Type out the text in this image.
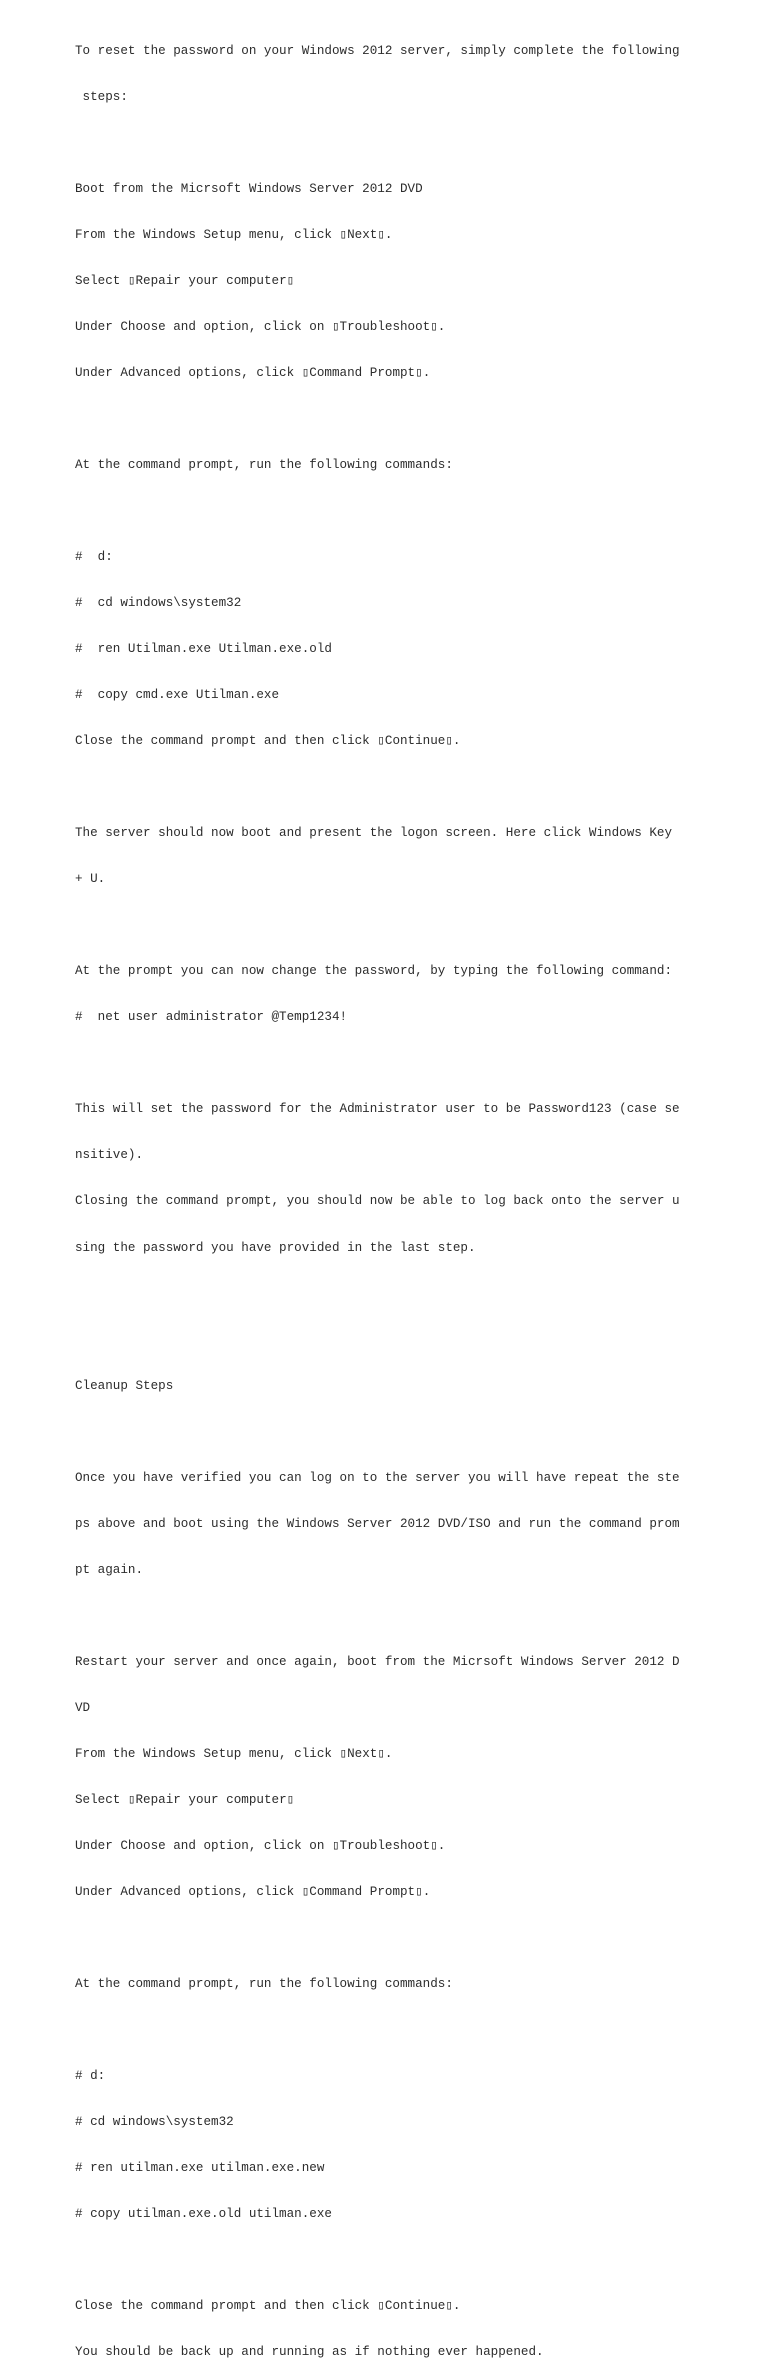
To reset the password on your Windows 2012 server, simply complete the following

steps:

Boot from the Micrsoft Windows Server 2012 DVD

From the Windows Setup menu, click ▯Next▯.

Select ▯Repair your computer▯

Under Choose and option, click on ▯Troubleshoot▯.

Under Advanced options, click ▯Command Prompt▯.

At the command prompt, run the following commands:

#  d:

#  cd windows\system32

#  ren Utilman.exe Utilman.exe.old

#  copy cmd.exe Utilman.exe

Close the command prompt and then click ▯Continue▯.

The server should now boot and present the logon screen. Here click Windows Key

+ U.

At the prompt you can now change the password, by typing the following command:

#  net user administrator @Temp1234!

This will set the password for the Administrator user to be Password123 (case se

nsitive).

Closing the command prompt, you should now be able to log back onto the server u

sing the password you have provided in the last step.

Cleanup Steps

Once you have verified you can log on to the server you will have repeat the ste

ps above and boot using the Windows Server 2012 DVD/ISO and run the command prom

pt again.

Restart your server and once again, boot from the Micrsoft Windows Server 2012 D

VD

From the Windows Setup menu, click ▯Next▯.

Select ▯Repair your computer▯

Under Choose and option, click on ▯Troubleshoot▯.

Under Advanced options, click ▯Command Prompt▯.

At the command prompt, run the following commands:

# d:

# cd windows\system32

# ren utilman.exe utilman.exe.new

# copy utilman.exe.old utilman.exe

Close the command prompt and then click ▯Continue▯.

You should be back up and running as if nothing ever happened.
